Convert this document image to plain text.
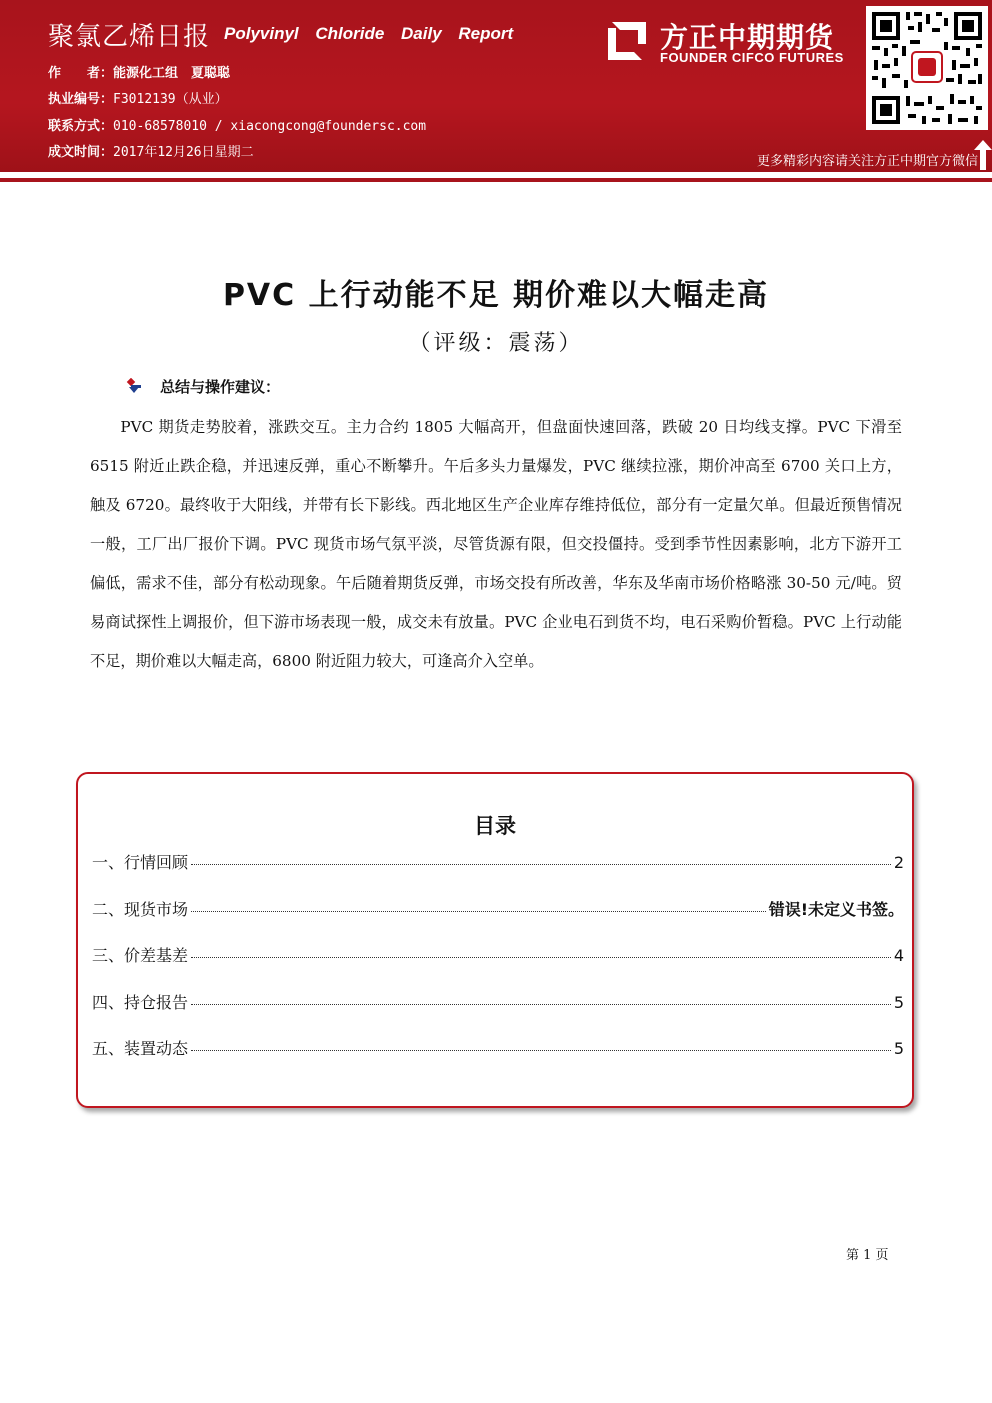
聚氯乙烯日报 Polyvinyl Chloride Daily Report
作　　者：能源化工组　夏聪聪
执业编号：F3012139（从业）
联系方式：010-68578010 / xiacongcong@foundersc.com
成文时间：2017年12月26日星期二
方正中期期货
FOUNDER CIFCO FUTURES
更多精彩内容请关注方正中期官方微信
PVC 上行动能不足 期价难以大幅走高
（评级：震荡）
总结与操作建议：

PVC 期货走势胶着，涨跌交互。主力合约 1805 大幅高开，但盘面快速回落，跌破 20 日均线支撑。PVC 下滑至 6515 附近止跌企稳，并迅速反弹，重心不断攀升。午后多头力量爆发，PVC 继续拉涨，期价冲高至 6700 关口上方，触及 6720。最终收于大阳线，并带有长下影线。西北地区生产企业库存维持低位，部分有一定量欠单。但最近预售情况一般，工厂出厂报价下调。PVC 现货市场气氛平淡，尽管货源有限，但交投僵持。受到季节性因素影响，北方下游开工偏低，需求不佳，部分有松动现象。午后随着期货反弹，市场交投有所改善，华东及华南市场价格略涨 30-50 元/吨。贸易商试探性上调报价，但下游市场表现一般，成交未有放量。PVC 企业电石到货不均，电石采购价暂稳。PVC 上行动能不足，期价难以大幅走高，6800 附近阻力较大，可逢高介入空单。

目录
一、行情回顾	2
二、现货市场	错误!未定义书签。
三、价差基差	4
四、持仓报告	5
五、装置动态	5
第 1 页
